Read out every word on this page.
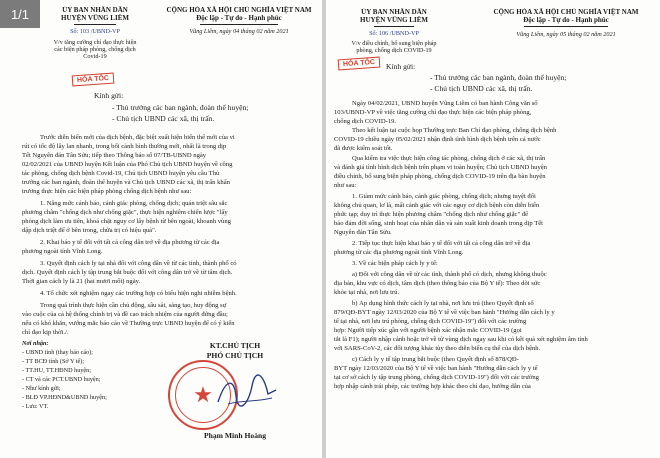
1/1	ỦY BAN NHÂN DÂN
HUYỆN VŨNG LIÊM
Số: 103 /UBND-VP
V/v tăng cường chỉ đạo thực hiện
các biện pháp phòng, chống dịch
Covid-19
CỘNG HÒA XÃ HỘI CHỦ NGHĨA VIỆT NAM
Độc lập - Tự do - Hạnh phúc
Vũng Liêm, ngày 04 tháng 02 năm 2021
HỎA TỐC
Kính gửi:
- Thủ trưởng các ban ngành, đoàn thể huyện;
- Chủ tịch UBND các xã, thị trấn.
Trước diễn biến mới của dịch bệnh, đặc biệt xuất hiện biến thể mới của vi
rút có tốc độ lây lan nhanh, trong bối cảnh bình thường mới, nhất là trong dịp
Tết Nguyên đán Tân Sửu; tiếp theo Thông báo số 07/TB-UBND ngày
02/02/2021 của UBND huyện Kết luận của Phó Chủ tịch UBND huyện về công
tác phòng, chống dịch bệnh Covid-19, Chủ tịch UBND huyện yêu cầu Thủ
trưởng các ban ngành, đoàn thể huyện và Chủ tịch UBND các xã, thị trấn khẩn
trương thực hiện các biện pháp phòng chống dịch bệnh như sau:
1. Nâng mức cảnh báo, cảnh giác phòng, chống dịch; quán triệt sâu sắc
phương châm "chống dịch như chống giặc", thực hiện nghiêm chiến lược "lấy
phòng dịch làm ưu tiên, khoá chặt nguy cơ lây bệnh từ bên ngoài, khoanh vùng
dập dịch triệt để ở bên trong, chữa trị có hiệu quả".
2. Khai báo y tế đối với tất cả công dân trở về địa phương từ các địa
phương ngoài tỉnh Vĩnh Long.
3. Quyết định cách ly tại nhà đối với công dân về từ các tỉnh, thành phố có
dịch. Quyết định cách ly tập trung bắt buộc đối với công dân trở về từ tâm dịch.
Thời gian cách ly là 21 (hai mươi mốt) ngày.
4. Tổ chức xét nghiệm ngay các trường hợp có biểu hiện nghi nhiễm bệnh.
Trong quá trình thực hiện cần chủ động, sâu sát, sáng tạo, huy động sự
vào cuộc của cả hệ thống chính trị và đề cao trách nhiệm của người đứng đầu;
nếu có khó khăn, vướng mắc báo cáo về Thường trực UBND huyện để có ý kiến
chỉ đạo kịp thời./.
Nơi nhận:
- UBND tỉnh (thay báo cáo);
- TT BCĐ tỉnh (Sở Y tế);
- TT.HU, TT.HĐND huyện;
- CT và các PCT.UBND huyện;
- Như kính gửi;
- BLĐ VP.HĐND&UBND huyện;
- Lưu: VT.
KT.CHỦ TỊCH
PHÓ CHỦ TỊCH
★
Phạm Minh Hoàng
ỦY BAN NHÂN DÂN
HUYỆN VŨNG LIÊM
Số: 106 /UBND-VP
V/v điều chỉnh, bổ sung biện pháp
phòng, chống dịch COVID-19
CỘNG HÒA XÃ HỘI CHỦ NGHĨA VIỆT NAM
Độc lập - Tự do - Hạnh phúc
Vũng Liêm, ngày 05 tháng 02 năm 2021
HỎA TỐC	Kính gửi:
- Thủ trưởng các ban ngành, đoàn thể huyện;
- Chủ tịch UBND các xã, thị trấn.
Ngày 04/02/2021, UBND huyện Vũng Liêm có ban hành Công văn số
103/UBND-VP về việc tăng cường chỉ đạo thực hiện các biện pháp phòng,
chống dịch COVID-19.
Theo kết luận tại cuộc họp Thường trực Ban Chỉ đạo phòng, chống dịch bệnh
COVID-19 chiều ngày 05/02/2021 nhận định tình hình dịch bệnh trên cả nước
đã được kiểm soát tốt.
Qua kiểm tra việc thực hiện công tác phòng, chống dịch ở các xã, thị trấn
và đánh giá tình hình dịch bệnh trên phạm vi toàn huyện; Chủ tịch UBND huyện
điều chỉnh, bổ sung biện pháp phòng, chống dịch COVID-19 trên địa bàn huyện
như sau:
1. Giảm mức cảnh báo, cảnh giác phòng, chống dịch; nhưng tuyệt đối
không chủ quan, lơ là, mất cảnh giác với các nguy cơ dịch bệnh còn diễn biến
phức tạp; duy trì thực hiện phương châm "chống dịch như chống giặc" để
bảo đảm đời sống, sinh hoạt của nhân dân và sản xuất kinh doanh trong dịp Tết
Nguyên đán Tân Sửu.
2. Tiếp tục thực hiện khai báo y tế đối với tất cả công dân trở về địa
phương từ các địa phương ngoài tỉnh Vĩnh Long.
3. Về các biện pháp cách ly y tế:
a) Đối với công dân về từ các tỉnh, thành phố có dịch, nhưng không thuộc
địa bàn, khu vực có dịch, tâm dịch (theo thông báo của Bộ Y tế): Theo dõi sức
khỏe tại nhà, nơi lưu trú.
b) Áp dụng hình thức cách ly tại nhà, nơi lưu trú (theo Quyết định số
879/QĐ-BYT ngày 12/03/2020 của Bộ Y tế về việc ban hành "Hướng dẫn cách ly y
tế tại nhà, nơi lưu trú phòng, chống dịch COVID-19") đối với các trường
hợp: Người tiếp xúc gần với người bệnh xác nhận mắc COVID-19 (gọi
tắt là F1); người nhập cảnh hoặc trở về từ vùng dịch ngay sau khi có kết quả xét nghiệm âm tính
với SARS-CoV-2, các đối tượng khác tùy theo diễn biến cụ thể của dịch bệnh.
c) Cách ly y tế tập trung bắt buộc (theo Quyết định số 878/QĐ-
BYT ngày 12/03/2020 của Bộ Y tế về việc ban hành "Hướng dẫn cách ly y tế
tại cơ sở cách ly tập trung phòng, chống dịch COVID-19") đối với các trường
hợp nhập cảnh trái phép, các trường hợp khác theo chỉ đạo, hướng dẫn của
